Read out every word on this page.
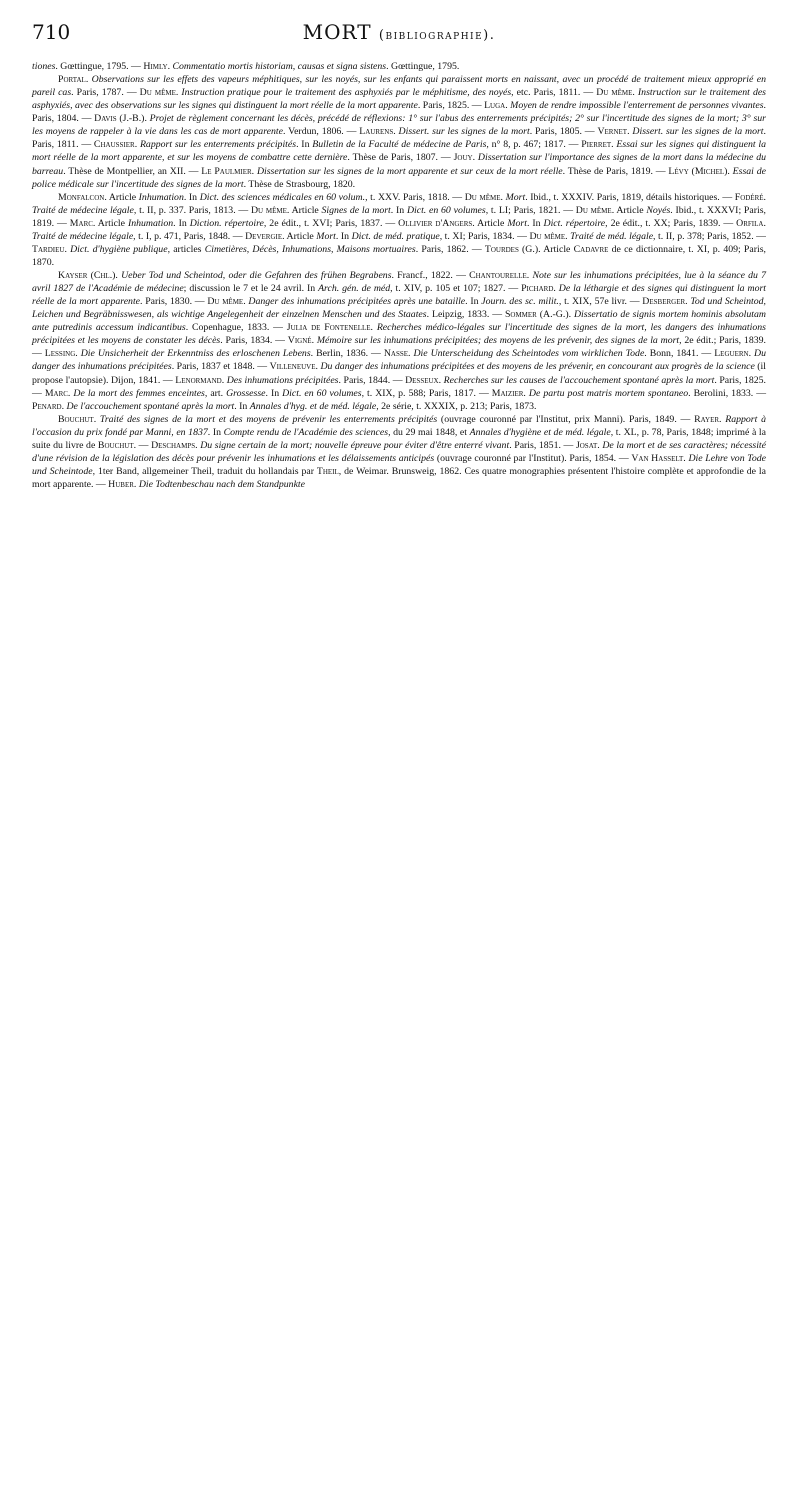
710	MORT (bibliographie).

tiones. Gœttingue, 1795. — Himly. Commentatio mortis historiam, causas et signa sistens. Gœttingue, 1795.

Portal. Observations sur les effets des vapeurs méphitiques, sur les noyés, sur les enfants qui paraissent morts en naissant, avec un procédé de traitement mieux approprié en pareil cas. Paris, 1787. — Du même. Instruction pratique pour le traitement des asphyxiés par le méphitisme, des noyés, etc. Paris, 1811. — Du même. Instruction sur le traitement des asphyxiés, avec des observations sur les signes qui distinguent la mort réelle de la mort apparente. Paris, 1825. — Luga. Moyen de rendre impossible l'enterrement de personnes vivantes. Paris, 1804. — Davis (J.-B.). Projet de règlement concernant les décès, précédé de réflexions: 1° sur l'abus des enterrements précipités; 2° sur l'incertitude des signes de la mort; 3° sur les moyens de rappeler à la vie dans les cas de mort apparente. Verdun, 1806. — Laurens. Dissert. sur les signes de la mort. Paris, 1805. — Vernet. Dissert. sur les signes de la mort. Paris, 1811. — Chaussier. Rapport sur les enterrements précipités. In Bulletin de la Faculté de médecine de Paris, n° 8, p. 467; 1817. — Pierret. Essai sur les signes qui distinguent la mort réelle de la mort apparente, et sur les moyens de combattre cette dernière. Thèse de Paris, 1807. — Jouy. Dissertation sur l'importance des signes de la mort dans la médecine du barreau. Thèse de Montpellier, an XII. — Le Paulmier. Dissertation sur les signes de la mort apparente et sur ceux de la mort réelle. Thèse de Paris, 1819. — Lévy (Michel). Essai de police médicale sur l'incertitude des signes de la mort. Thèse de Strasbourg, 1820.

Monfalcon. Article Inhumation. In Dict. des sciences médicales en 60 volum., t. XXV. Paris, 1818. — Du même. Mort. Ibid., t. XXXIV. Paris, 1819, détails historiques. — Fodéré. Traité de médecine légale, t. II, p. 337. Paris, 1813. — Du même. Article Signes de la mort. In Dict. en 60 volumes, t. LI; Paris, 1821. — Du même. Article Noyés. Ibid., t. XXXVI; Paris, 1819. — Marc. Article Inhumation. In Diction. répertoire, 2e édit., t. XVI; Paris, 1837. — Ollivier d'Angers. Article Mort. In Dict. répertoire, 2e édit., t. XX; Paris, 1839. — Orfila. Traité de médecine légale, t. I, p. 471, Paris, 1848. — Devergie. Article Mort. In Dict. de méd. pratique, t. XI; Paris, 1834. — Du même. Traité de méd. légale, t. II, p. 378; Paris, 1852. — Tardieu. Dict. d'hygiène publique, articles Cimetières, Décès, Inhumations, Maisons mortuaires. Paris, 1862. — Tourdes (G.). Article Cadavre de ce dictionnaire, t. XI, p. 409; Paris, 1870.

Kayser (Chl.). Ueber Tod und Scheintod, oder die Gefahren des frühen Begrabens. Francf., 1822. — Chantourelle. Note sur les inhumations précipitées, lue à la séance du 7 avril 1827 de l'Académie de médecine; discussion le 7 et le 24 avril. In Arch. gén. de méd, t. XIV, p. 105 et 107; 1827. — Pichard. De la léthargie et des signes qui distinguent la mort réelle de la mort apparente. Paris, 1830. — Du même. Danger des inhumations précipitées après une bataille. In Journ. des sc. milit., t. XIX, 57e livr. — Desberger. Tod und Scheintod, Leichen und Begräbnisswesen, als wichtige Angelegenheit der einzelnen Menschen und des Staates. Leipzig, 1833. — Sommer (A.-G.). Dissertatio de signis mortem hominis absolutam ante putredinis accessum indicantibus. Copenhague, 1833. — Julia de Fontenelle. Recherches médico-légales sur l'incertitude des signes de la mort, les dangers des inhumations précipitées et les moyens de constater les décès. Paris, 1834. — Vigné. Mémoire sur les inhumations précipitées; des moyens de les prévenir, des signes de la mort, 2e édit.; Paris, 1839. — Lessing. Die Unsicherheit der Erkenntniss des erloschenen Lebens. Berlin, 1836. — Nasse. Die Unterscheidung des Scheintodes vom wirklichen Tode. Bonn, 1841. — Leguern. Du danger des inhumations précipitées. Paris, 1837 et 1848. — Villeneuve. Du danger des inhumations précipitées et des moyens de les prévenir, en concourant aux progrès de la science (il propose l'autopsie). Dijon, 1841. — Lenormand. Des inhumations précipitées. Paris, 1844. — Desseux. Recherches sur les causes de l'accouchement spontané après la mort. Paris, 1825. — Marc. De la mort des femmes enceintes, art. Grossesse. In Dict. en 60 volumes, t. XIX, p. 588; Paris, 1817. — Maizier. De partu post matris mortem spontaneo. Berolini, 1833. — Penard. De l'accouchement spontané après la mort. In Annales d'hyg. et de méd. légale, 2e série, t. XXXIX, p. 213; Paris, 1873.

Bouchut. Traité des signes de la mort et des moyens de prévenir les enterrements précipités (ouvrage couronné par l'Institut, prix Manni). Paris, 1849. — Rayer. Rapport à l'occasion du prix fondé par Manni, en 1837. In Compte rendu de l'Académie des sciences, du 29 mai 1848, et Annales d'hygiène et de méd. légale, t. XL, p. 78, Paris, 1848; imprimé à la suite du livre de Bouchut. — Deschamps. Du signe certain de la mort; nouvelle épreuve pour éviter d'être enterré vivant. Paris, 1851. — Josat. De la mort et de ses caractères; nécessité d'une révision de la législation des décès pour prévenir les inhumations et les délaissements anticipés (ouvrage couronné par l'Institut). Paris, 1854. — Van Hasselt. Die Lehre von Tode und Scheintode, 1ter Band, allgemeiner Theil, traduit du hollandais par Theil, de Weimar. Brunsweig, 1862. Ces quatre monographies présentent l'histoire complète et approfondie de la mort apparente. — Huber. Die Todtenbeschau nach dem Standpunkte
